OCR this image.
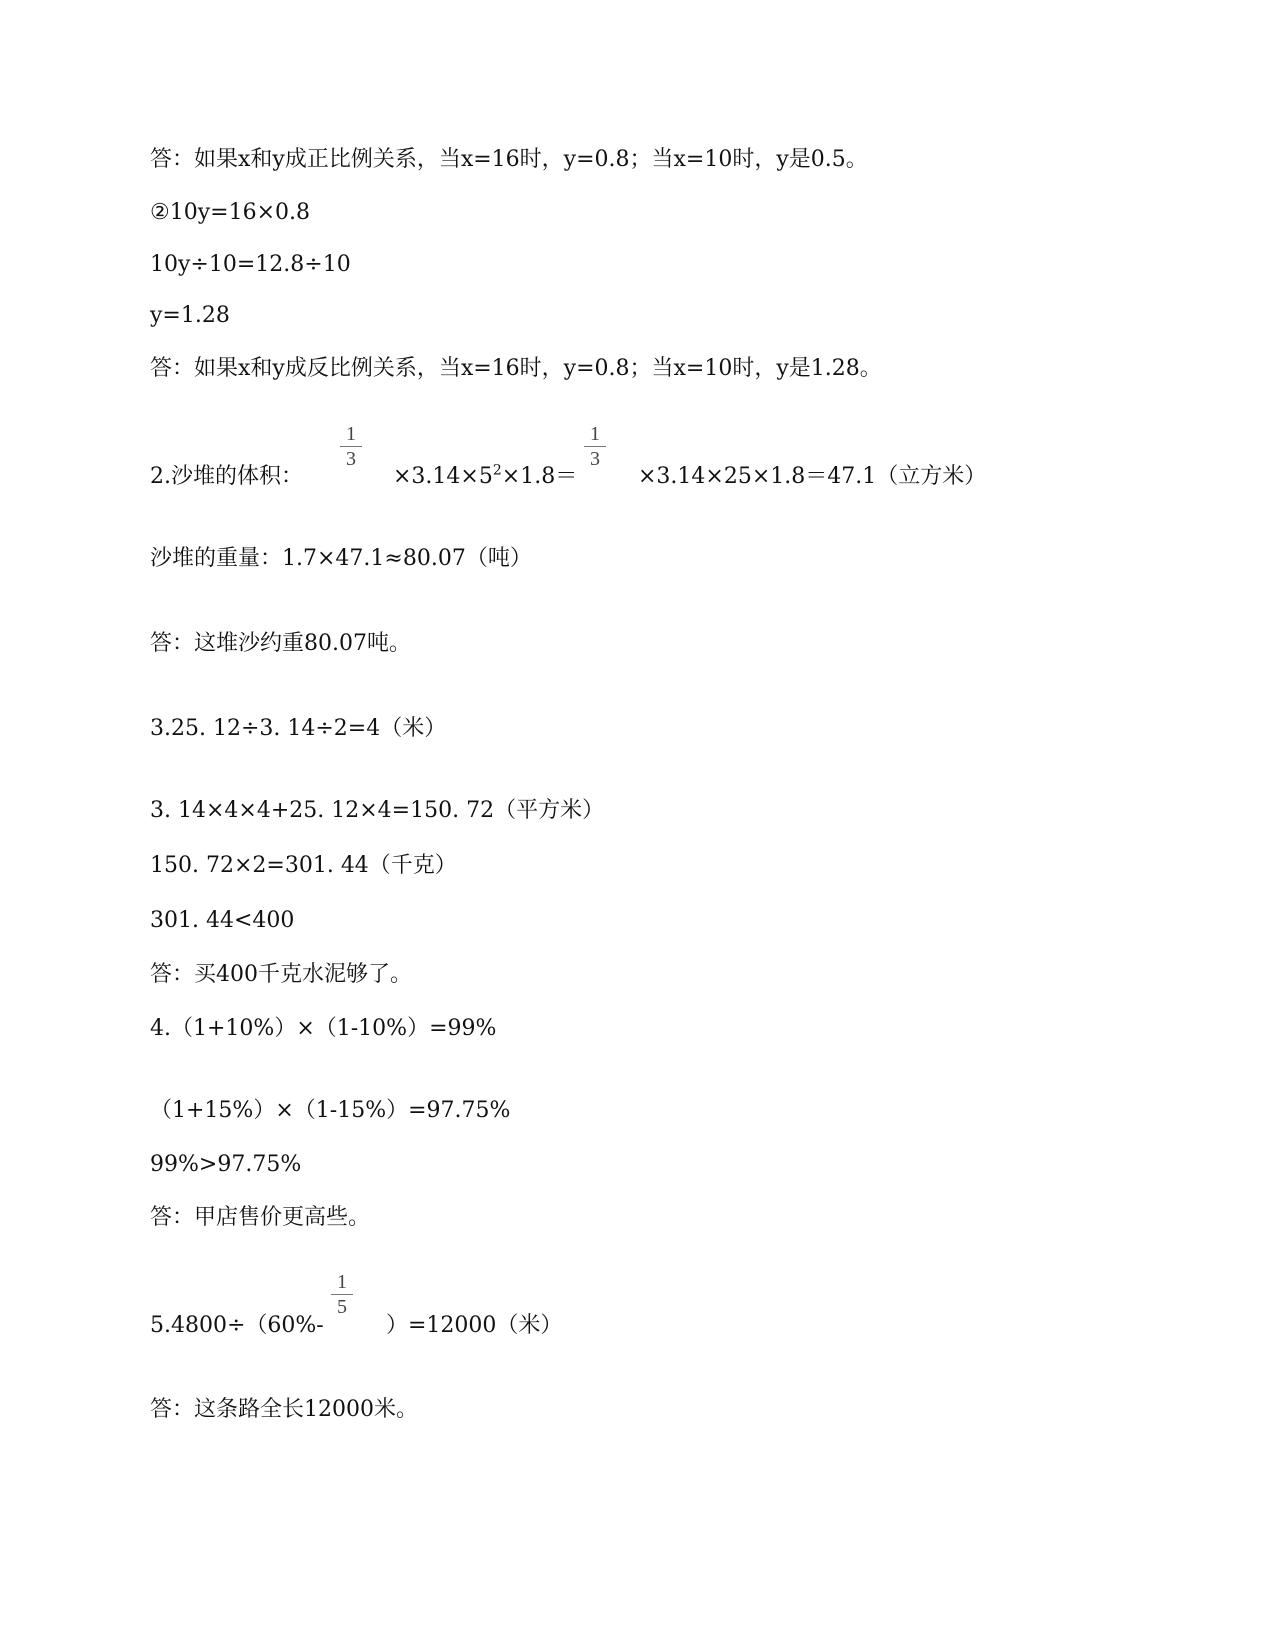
答：如果x和y成正比例关系，当x=16时，y=0.8；当x=10时，y是0.5。
②10y=16×0.8
10y÷10=12.8÷10
y=1.28
答：如果x和y成反比例关系，当x=16时，y=0.8；当x=10时，y是1.28。
2.沙堆的体积：
1
3
$\times 3.14\times 5^2\times 1.8=$
1
3
×3.14×25×1.8＝47.1（立方米）
沙堆的重量：1.7×47.1≈80.07（吨）
答：这堆沙约重80.07吨。
3.25. 12÷3. 14÷2=4（米）
3. 14×4×4+25. 12×4=150. 72（平方米）
150. 72×2=301. 44（千克）
301. 44<400
答：买400千克水泥够了。
4.（1+10%）×（1-10%）=99%
（1+15%）×（1-15%）=97.75%
99%>97.75%
答：甲店售价更高些。
5.4800÷（60%-
1
5
）=12000（米）
答：这条路全长12000米。
